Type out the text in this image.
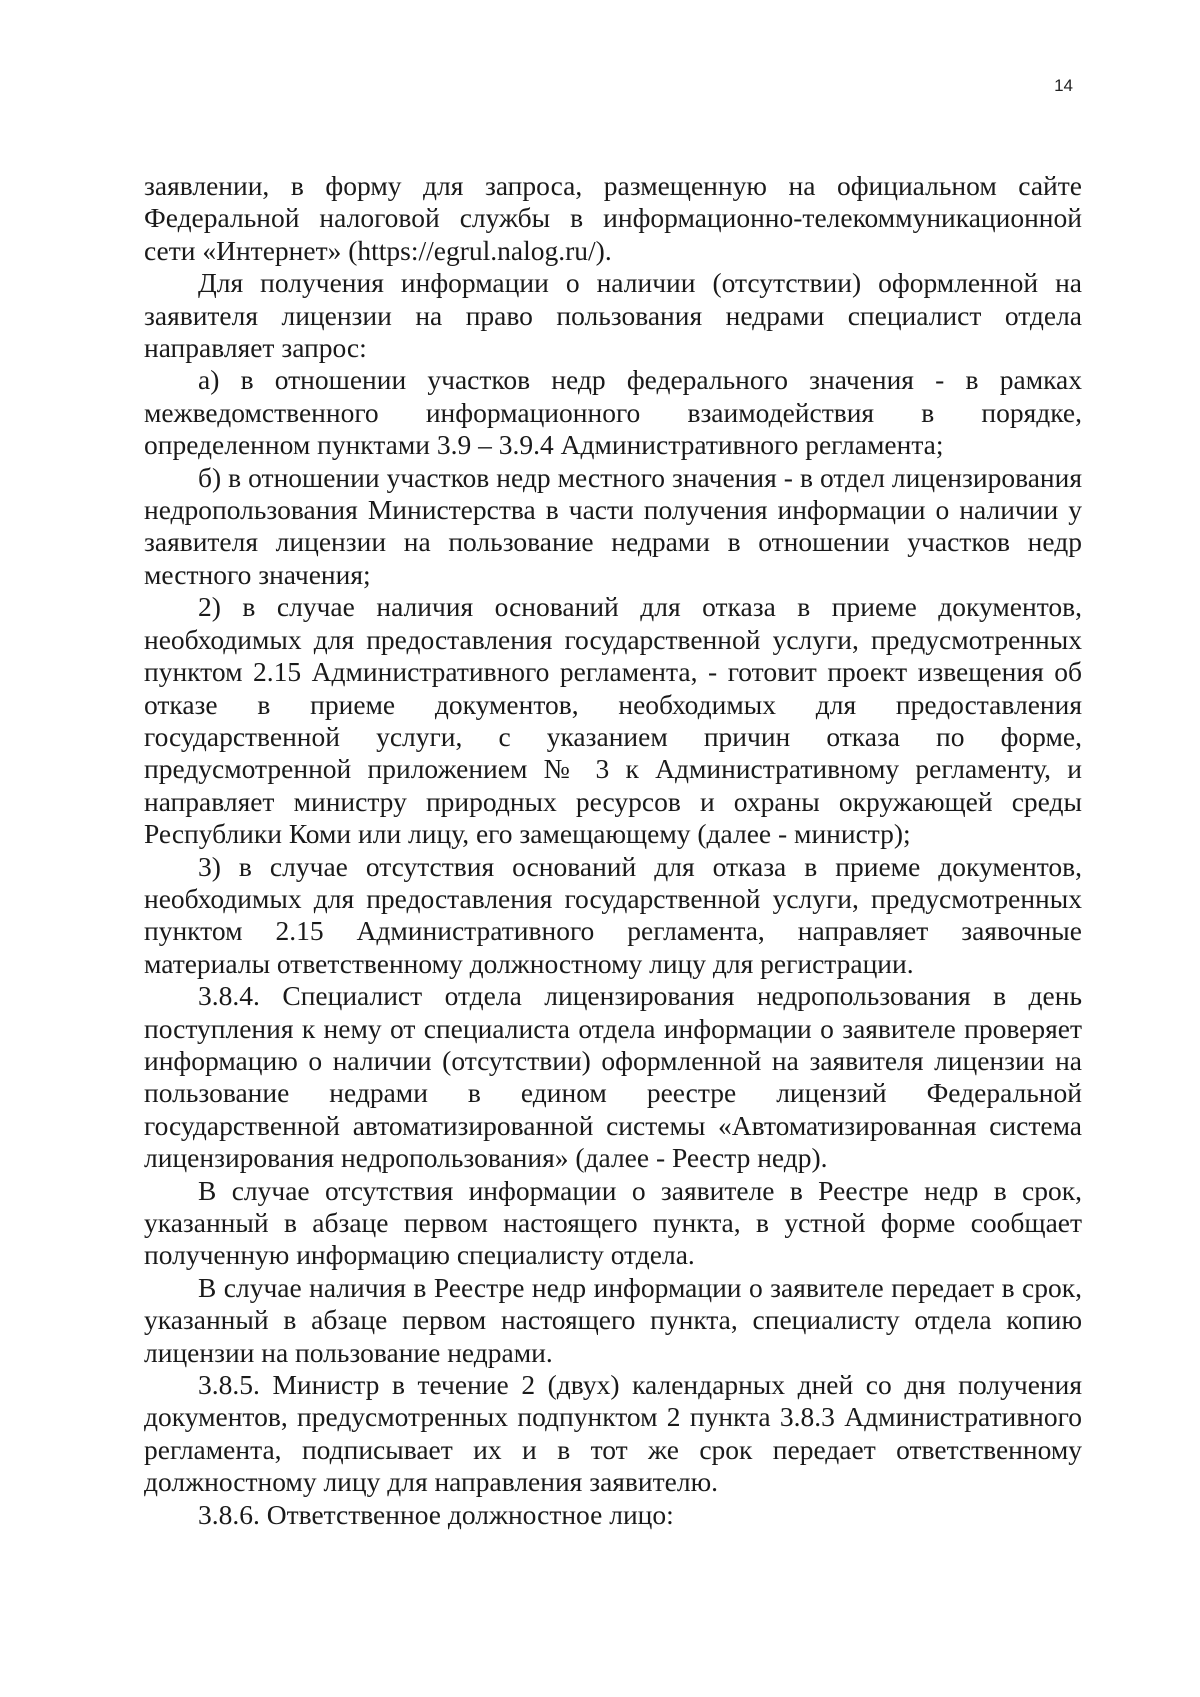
14

заявлении, в форму для запроса, размещенную на официальном сайте Федеральной налоговой службы в информационно-телекоммуникационной сети «Интернет» (https://egrul.nalog.ru/).

Для получения информации о наличии (отсутствии) оформленной на заявителя лицензии на право пользования недрами специалист отдела направляет запрос:

а) в отношении участков недр федерального значения - в рамках межведомственного информационного взаимодействия в порядке, определенном пунктами 3.9 – 3.9.4 Административного регламента;

б) в отношении участков недр местного значения - в отдел лицензирования недропользования Министерства в части получения информации о наличии у заявителя лицензии на пользование недрами в отношении участков недр местного значения;

2) в случае наличия оснований для отказа в приеме документов, необходимых для предоставления государственной услуги, предусмотренных пунктом 2.15 Административного регламента, - готовит проект извещения об отказе в приеме документов, необходимых для предоставления государственной услуги, с указанием причин отказа по форме, предусмотренной приложением № 3 к Административному регламенту, и направляет министру природных ресурсов и охраны окружающей среды Республики Коми или лицу, его замещающему (далее - министр);

3) в случае отсутствия оснований для отказа в приеме документов, необходимых для предоставления государственной услуги, предусмотренных пунктом 2.15 Административного регламента, направляет заявочные материалы ответственному должностному лицу для регистрации.

3.8.4. Специалист отдела лицензирования недропользования в день поступления к нему от специалиста отдела информации о заявителе проверяет информацию о наличии (отсутствии) оформленной на заявителя лицензии на пользование недрами в едином реестре лицензий Федеральной государственной автоматизированной системы «Автоматизированная система лицензирования недропользования» (далее - Реестр недр).

В случае отсутствия информации о заявителе в Реестре недр в срок, указанный в абзаце первом настоящего пункта, в устной форме сообщает полученную информацию специалисту отдела.

В случае наличия в Реестре недр информации о заявителе передает в срок, указанный в абзаце первом настоящего пункта, специалисту отдела копию лицензии на пользование недрами.

3.8.5. Министр в течение 2 (двух) календарных дней со дня получения документов, предусмотренных подпунктом 2 пункта 3.8.3 Административного регламента, подписывает их и в тот же срок передает ответственному должностному лицу для направления заявителю.

3.8.6. Ответственное должностное лицо:
